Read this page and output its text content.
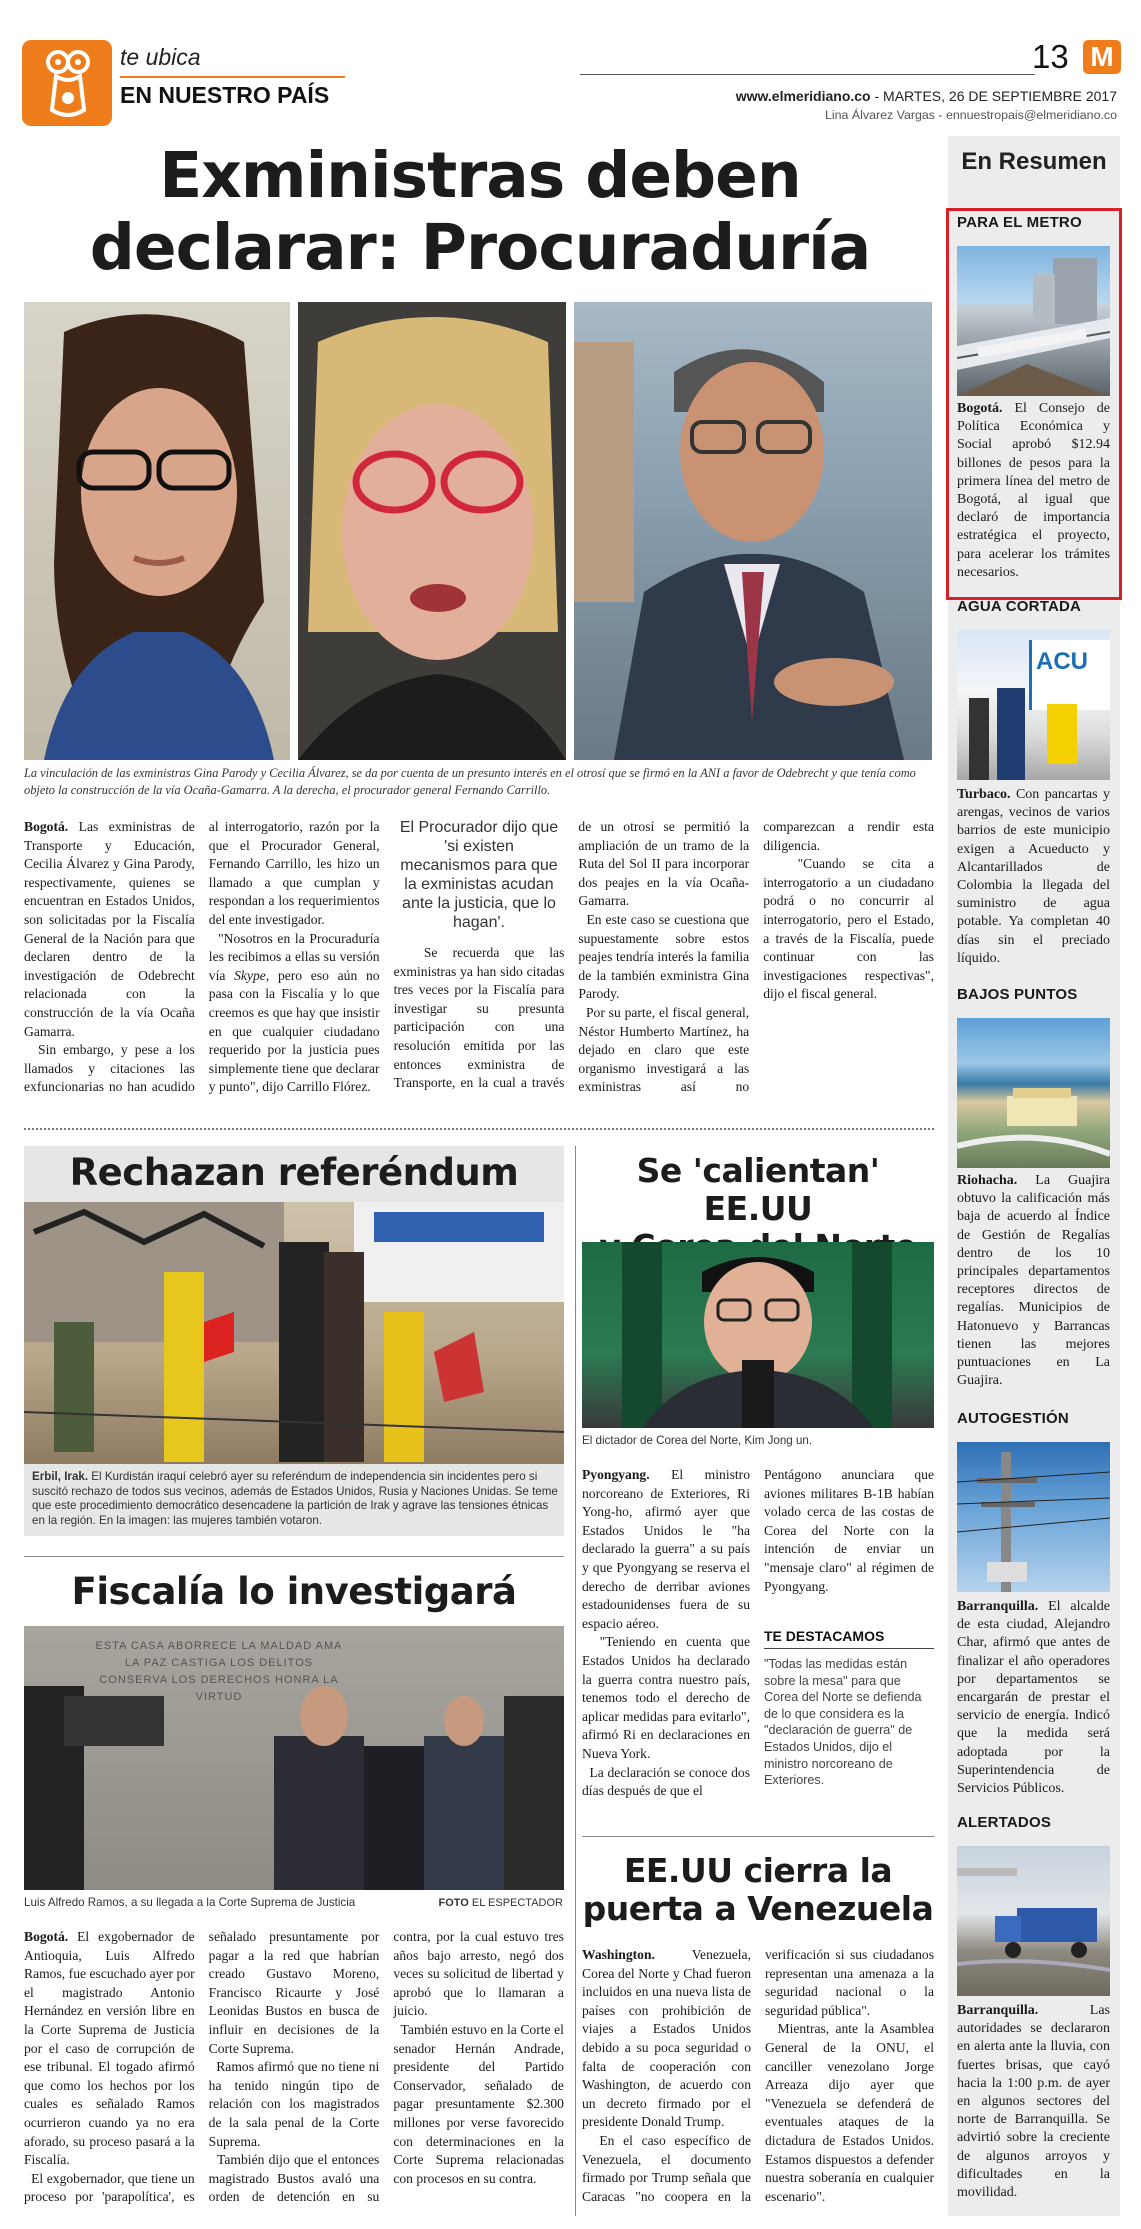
te ubica
EN NUESTRO PAÍS
13 M
www.elmeridiano.co - MARTES, 26 DE SEPTIEMBRE 2017
Lina Álvarez Vargas - ennuestropais@elmeridiano.co
En Resumen
PARA EL METRO
Bogotá. El Consejo de Política Económica y Social aprobó $12.94 billones de pesos para la primera línea del metro de Bogotá, al igual que declaró de importancia estratégica el proyecto, para acelerar los trámites necesarios.
AGUA CORTADA
ACU
Turbaco. Con pancartas y arengas, vecinos de varios barrios de este municipio exigen a Acueducto y Alcantarillados de Colombia la llegada del suministro de agua potable. Ya completan 40 días sin el preciado líquido.
BAJOS PUNTOS
Riohacha. La Guajira obtuvo la calificación más baja de acuerdo al Índice de Gestión de Regalías dentro de los 10 principales departamentos receptores directos de regalías. Municipios de Hatonuevo y Barrancas tienen las mejores puntuaciones en La Guajira.
AUTOGESTIÓN
Barranquilla. El alcalde de esta ciudad, Alejandro Char, afirmó que antes de finalizar el año operadores por departamentos se encargarán de prestar el servicio de energía. Indicó que la medida será adoptada por la Superintendencia de Servicios Públicos.
ALERTADOS
Barranquilla. Las autoridades se declararon en alerta ante la lluvia, con fuertes brisas, que cayó hacia la 1:00 p.m. de ayer en algunos sectores del norte de Barranquilla. Se advirtió sobre la creciente de algunos arroyos y dificultades en la movilidad.
Exministras deben
declarar: Procuraduría
La vinculación de las exministras Gina Parody y Cecilia Álvarez, se da por cuenta de un presunto interés en el otrosí que se firmó en la ANI a favor de Odebrecht y que tenía como objeto la construcción de la vía Ocaña-Gamarra. A la derecha, el procurador general Fernando Carrillo.

Bogotá. Las exministras de Transporte y Educación, Cecilia Álvarez y Gina Parody, respectivamente, quienes se encuentran en Estados Unidos, son solicitadas por la Fiscalía General de la Nación para que declaren dentro de la investigación de Odebrecht relacionada con la construcción de la vía Ocaña Gamarra.

Sin embargo, y pese a los llamados y citaciones las exfuncionarias no han acudido al interrogatorio, razón por la que el Procurador General, Fernando Carrillo, les hizo un llamado a que cumplan y respondan a los requerimientos del ente investigador.

"Nosotros en la Procuraduría les recibimos a ellas su versión vía Skype, pero eso aún no pasa con la Fiscalía y lo que creemos es que hay que insistir en que cualquier ciudadano requerido por la justicia pues simplemente tiene que declarar y punto", dijo Carrillo Flórez.

El Procurador dijo que 'si existen mecanismos para que la exministas acudan ante la justicia, que lo hagan'.

Se recuerda que las exministras ya han sido citadas tres veces por la Fiscalía para investigar su presunta participación con una resolución emitida por las entonces exministra de Transporte, en la cual a través de un otrosí se permitió la ampliación de un tramo de la Ruta del Sol II para incorporar dos peajes en la vía Ocaña-Gamarra.

En este caso se cuestiona que supuestamente sobre estos peajes tendría interés la familia de la también exministra Gina Parody.

Por su parte, el fiscal general, Néstor Humberto Martínez, ha dejado en claro que este organismo investigará a las exministras así no comparezcan a rendir esta diligencia.

"Cuando se cita a interrogatorio a un ciudadano podrá o no concurrir al interrogatorio, pero el Estado, a través de la Fiscalía, puede continuar con las investigaciones respectivas", dijo el fiscal general.

Rechazan referéndum
Erbil, Irak. El Kurdistán iraquí celebró ayer su referéndum de independencia sin incidentes pero si suscitó rechazo de todos sus vecinos, además de Estados Unidos, Rusia y Naciones Unidas. Se teme que este procedimiento democrático desencadene la partición de Irak y agrave las tensiones étnicas en la región. En la imagen: las mujeres también votaron.
Fiscalía lo investigará
ESTA CASA ABORRECE LA MALDAD AMA LA PAZ CASTIGA LOS DELITOS CONSERVA LOS DERECHOS HONRA LA VIRTUD
Luis Alfredo Ramos, a su llegada a la Corte Suprema de Justicia	FOTO EL ESPECTADOR

Bogotá. El exgobernador de Antioquia, Luis Alfredo Ramos, fue escuchado ayer por el magistrado Antonio Hernández en versión libre en la Corte Suprema de Justicia por el caso de corrupción de ese tribunal. El togado afirmó que como los hechos por los cuales es señalado Ramos ocurrieron cuando ya no era aforado, su proceso pasará a la Fiscalía.

El exgobernador, que tiene un proceso por 'parapolítica', es señalado presuntamente por pagar a la red que habrían creado Gustavo Moreno, Francisco Ricaurte y José Leonidas Bustos en busca de influir en decisiones de la Corte Suprema.

Ramos afirmó que no tiene ni ha tenido ningún tipo de relación con los magistrados de la sala penal de la Corte Suprema.

También dijo que el entonces magistrado Bustos avaló una orden de detención en su contra, por la cual estuvo tres años bajo arresto, negó dos veces su solicitud de libertad y aprobó que lo llamaran a juicio.

También estuvo en la Corte el senador Hernán Andrade, presidente del Partido Conservador, señalado de pagar presuntamente $2.300 millones por verse favorecido con determinaciones en la Corte Suprema relacionadas con procesos en su contra.

Se 'calientan' EE.UU
El dictador de Corea del Norte, Kim Jong un.

Pyongyang. El ministro norcoreano de Exteriores, Ri Yong-ho, afirmó ayer que Estados Unidos le "ha declarado la guerra" a su país y que Pyongyang se reserva el derecho de derribar aviones estadounidenses fuera de su espacio aéreo.

"Teniendo en cuenta que Estados Unidos ha declarado la guerra contra nuestro país, tenemos todo el derecho de aplicar medidas para evitarlo", afirmó Ri en declaraciones en Nueva York.

La declaración se conoce dos días después de que el

Pentágono anunciara que aviones militares B-1B habían volado cerca de las costas de Corea del Norte con la intención de enviar un "mensaje claro" al régimen de Pyongyang.

TE DESTACAMOS
"Todas las medidas están sobre la mesa" para que Corea del Norte se defienda de lo que considera es la "declaración de guerra" de Estados Unidos, dijo el ministro norcoreano de Exteriores.
EE.UU cierra la
puerta a Venezuela

Washington. Venezuela, Corea del Norte y Chad fueron incluidos en una nueva lista de países con prohibición de viajes a Estados Unidos debido a su poca seguridad o falta de cooperación con Washington, de acuerdo con un decreto firmado por el presidente Donald Trump.

En el caso específico de Venezuela, el documento firmado por Trump señala que Caracas "no coopera en la verificación si sus ciudadanos representan una amenaza a la seguridad nacional o la seguridad pública".

Mientras, ante la Asamblea General de la ONU, el canciller venezolano Jorge Arreaza dijo ayer que "Venezuela se defenderá de eventuales ataques de la dictadura de Estados Unidos. Estamos dispuestos a defender nuestra soberanía en cualquier escenario".
